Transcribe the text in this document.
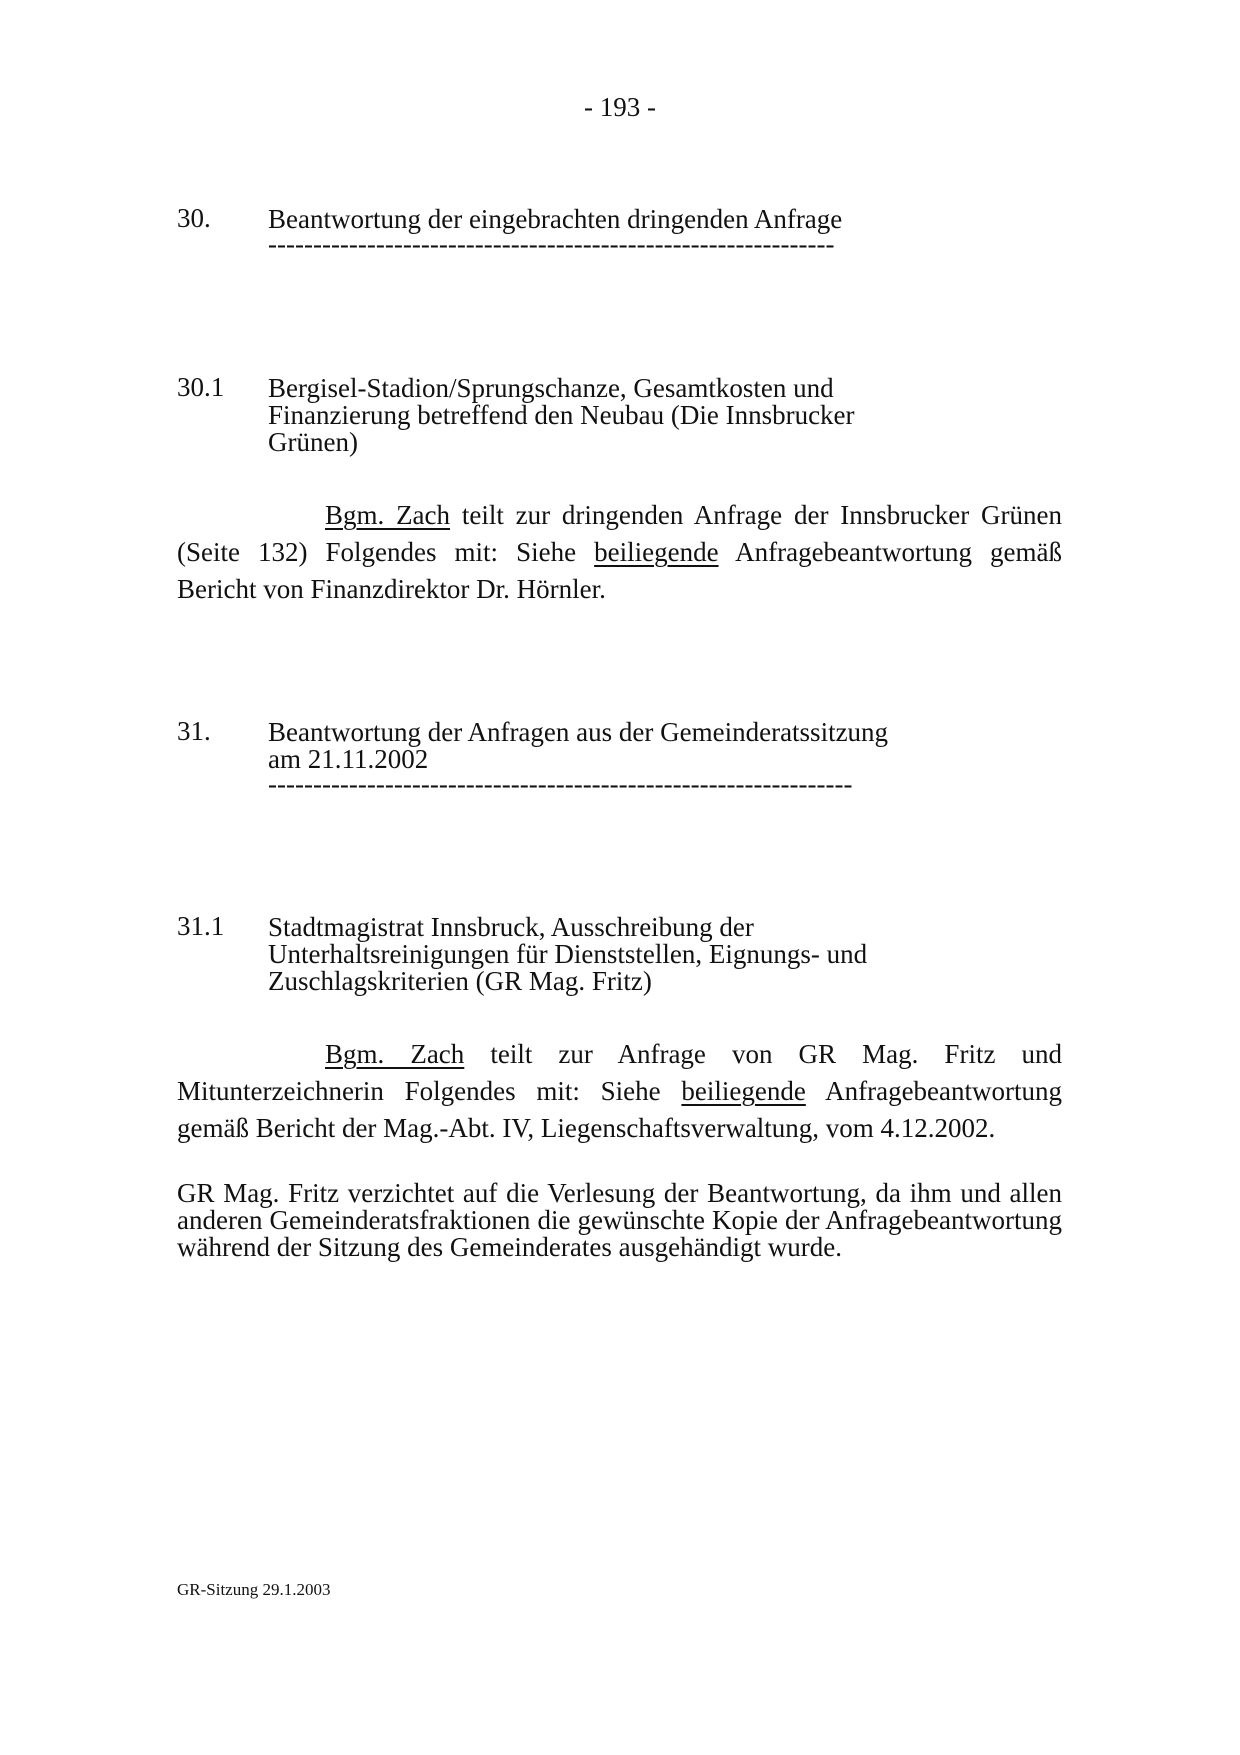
- 193 -
30. Beantwortung der eingebrachten dringenden Anfrage
---------------------------------------------------------------
30.1 Bergisel-Stadion/Sprungschanze, Gesamtkosten und Finanzierung betreffend den Neubau (Die Innsbrucker Grünen)
Bgm. Zach teilt zur dringenden Anfrage der Innsbrucker Grünen (Seite 132) Folgendes mit: Siehe beiliegende Anfragebeantwortung gemäß Bericht von Finanzdirektor Dr. Hörnler.
31. Beantwortung der Anfragen aus der Gemeinderatssitzung am 21.11.2002
-----------------------------------------------------------------
31.1 Stadtmagistrat Innsbruck, Ausschreibung der Unterhaltsreinigungen für Dienststellen, Eignungs- und Zuschlagskriterien (GR Mag. Fritz)
Bgm. Zach teilt zur Anfrage von GR Mag. Fritz und Mitunterzeichnerin Folgendes mit: Siehe beiliegende Anfragebeantwortung gemäß Bericht der Mag.-Abt. IV, Liegenschaftsverwaltung, vom 4.12.2002.
GR Mag. Fritz verzichtet auf die Verlesung der Beantwortung, da ihm und allen anderen Gemeinderatsfraktionen die gewünschte Kopie der Anfragebeantwortung während der Sitzung des Gemeinderates ausgehändigt wurde.
GR-Sitzung 29.1.2003
